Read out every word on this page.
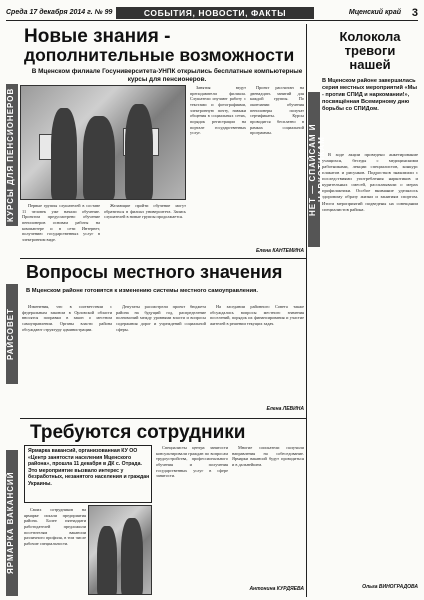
Среда 17 декабря 2014 г. № 99	СОБЫТИЯ, НОВОСТИ, ФАКТЫ	Мценский край 3
КУРСЫ ДЛЯ ПЕНСИОНЕРОВ
РАЙСОВЕТ
ЯРМАРКА ВАКАНСИЙ
НЕТ — СПАЙСАМ И НАРКОТИКАМ
Новые знания -
дополнительные возможности
В Мценском филиале Госуниверситета-УНПК открылись бесплатные компьютерные курсы для пенсионеров.

Занятия ведут преподаватели филиала. Слушатели изучают работу с текстами и фотографиями, электронную почту, навыки общения в социальных сетях, порядок регистрации на портале государственных услуг.

Проект рассчитан на двенадцать занятий для каждой группы. По окончании обучения пенсионеры получат сертификаты. Курсы проводятся бесплатно в рамках социальной программы.

Первые группы слушателей в составе 11 человек уже начали обучение. Проектом предусмотрено обучение пенсионеров основам работы на компьютере и в сети Интернет, получению государственных услуг в электронном виде.

Желающие пройти обучение могут обратиться в филиал университета. Запись слушателей в новые группы продолжается.

Елена КАНТЕМИНА
Колокола
тревоги
нашей
В Мценском районе завершилась серия местных мероприятий «Мы - против СПИД и наркомании!», посвящённая Всемирному дню борьбы со СПИДом.

В ходе акции проведено анкетирование учащихся, беседы с медицинскими работниками, лекции специалистов, конкурс плакатов и рисунков. Подростков знакомили с последствиями употребления наркотиков и курительных смесей, рассказывали о мерах профилактики. Особое внимание уделялось здоровому образу жизни и занятиям спортом. Итоги мероприятий подведены на совещании специалистов района.

Ольга ВИНОГРАДОВА
Вопросы местного значения
В Мценском районе готовятся к изменению системы местного самоуправления.

Изменения, что в соответствии с федеральным законом в Орловской области вносятся поправки в закон о местном самоуправлении. Органы власти района обсуждают структуру администрации.

Депутаты рассмотрели проект бюджета района на будущий год, распределение полномочий между уровнями власти и вопросы содержания дорог и учреждений социальной сферы.

На заседании районного Совета также обсуждались вопросы местного значения поселений, порядок их финансирования и участие жителей в решении текущих задач.

Елена ЛЕВИНА
Требуются сотрудники
Ярмарка вакансий, организованная КУ ОО «Центр занятости населения Мценского района», прошла 11 декабря в ДК с. Отрада. Это мероприятие вызвало интерес у безработных, незанятого населения и граждан Украины.

Своих сотрудников на ярмарке искали предприятия района. Более пятнадцати работодателей предложили посетителям вакансии различного профиля, в том числе рабочие специальности.

Специалисты центра занятости консультировали граждан по вопросам трудоустройства, профессионального обучения и получения государственных услуг в сфере занятости.

Многие соискатели получили направления на собеседование. Ярмарки вакансий будут проводиться и в дальнейшем.

Антонина КУРДЯЕВА
